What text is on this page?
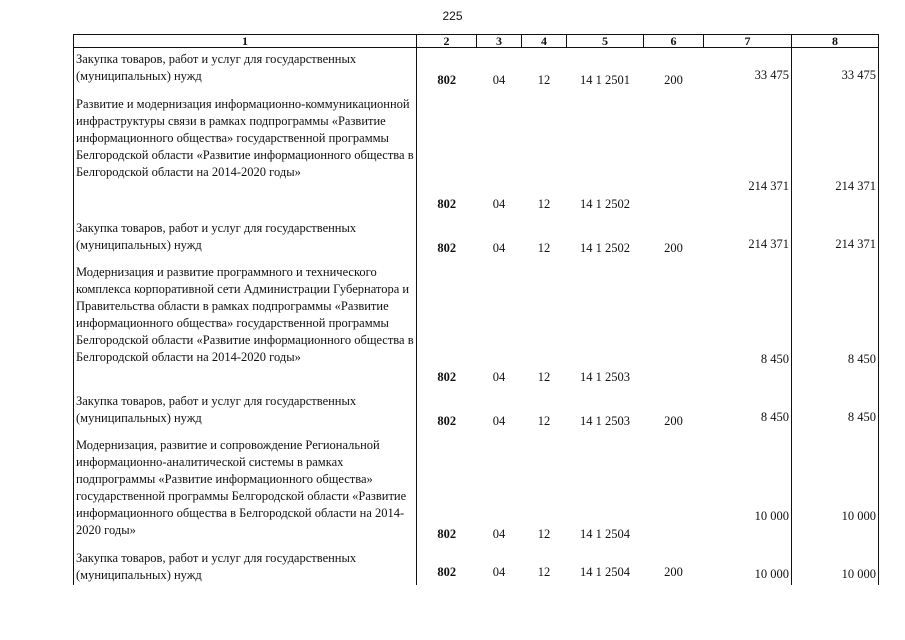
225
1	2	3	4	5	6	7	8
Закупка товаров, работ и услуг для государственных (муниципальных) нужд	802	04	12	14 1 2501	200	33 475	33 475
Развитие и модернизация информационно-коммуникационной инфраструктуры связи в рамках подпрограммы «Развитие информационного общества» государственной программы Белгородской области «Развитие информационного общества в Белгородской области на 2014-2020 годы»	802	04	12	14 1 2502		214 371	214 371
Закупка товаров, работ и услуг для государственных (муниципальных) нужд	802	04	12	14 1 2502	200	214 371	214 371
Модернизация и развитие программного и технического комплекса корпоративной сети Администрации Губернатора и Правительства области в рамках подпрограммы «Развитие информационного общества» государственной программы Белгородской области «Развитие информационного общества в Белгородской области на 2014-2020 годы»	802	04	12	14 1 2503		8 450	8 450
Закупка товаров, работ и услуг для государственных (муниципальных) нужд	802	04	12	14 1 2503	200	8 450	8 450
Модернизация, развитие и сопровождение Региональной информационно-аналитической системы в рамках подпрограммы «Развитие информационного общества» государственной программы Белгородской области «Развитие информационного общества в Белгородской области на 2014-2020 годы»	802	04	12	14 1 2504		10 000	10 000
Закупка товаров, работ и услуг для государственных (муниципальных) нужд	802	04	12	14 1 2504	200	10 000	10 000
